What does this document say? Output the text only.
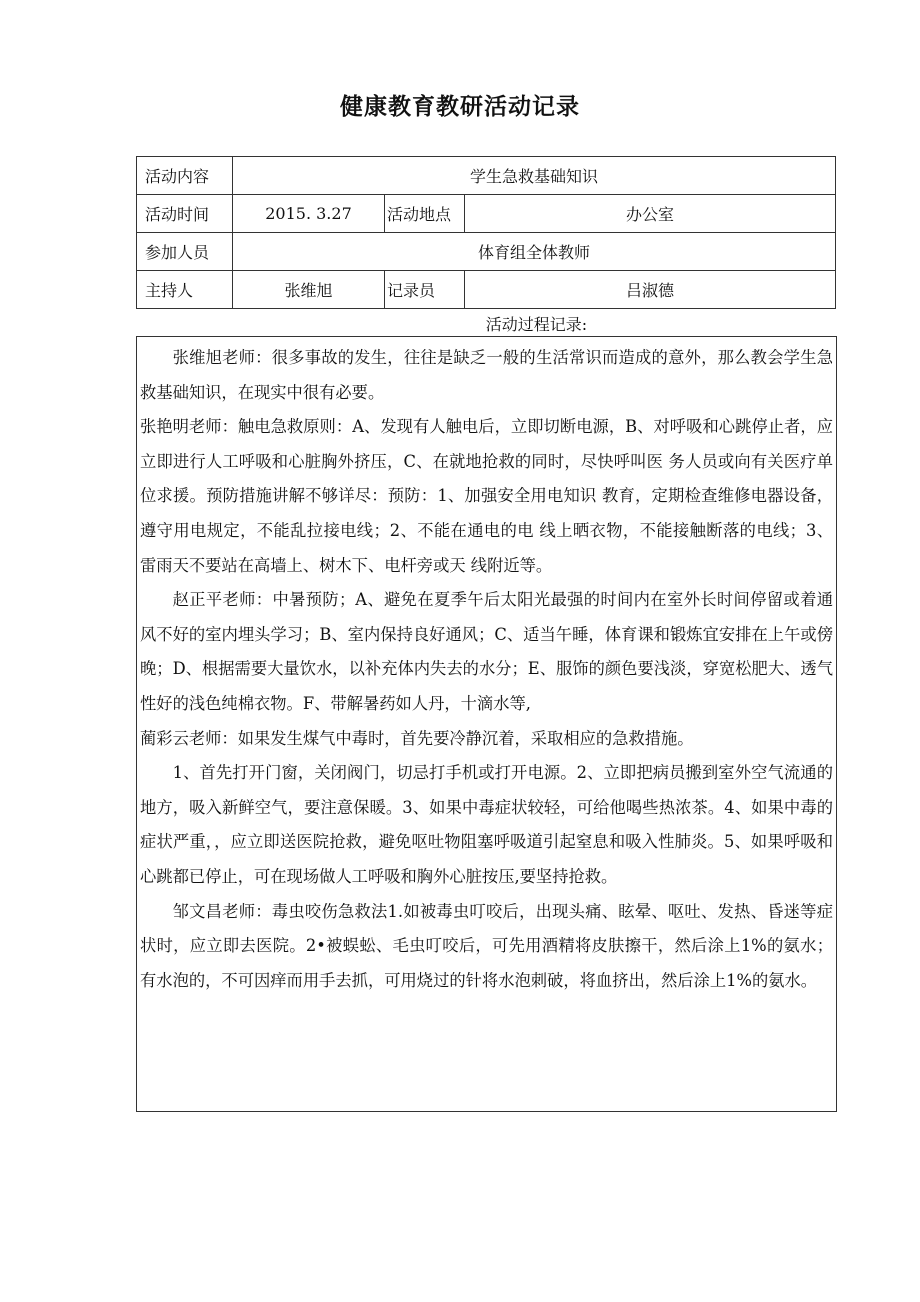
健康教育教研活动记录
活动内容	学生急救基础知识		
活动时间	2015. 3.27	活动地点	办公室
参加人员	体育组全体教师		
主持人	张维旭	记录员	吕淑德
活动过程记录:

张维旭老师：很多事故的发生，往往是缺乏一般的生活常识而造成的意外，那么教会学生急救基础知识，在现实中很有必要。

张艳明老师：触电急救原则：A、发现有人触电后，立即切断电源，B、对呼吸和心跳停止者，应立即进行人工呼吸和心脏胸外挤压，C、在就地抢救的同时，尽快呼叫医 务人员或向有关医疗单位求援。预防措施讲解不够详尽：预防：1、加强安全用电知识 教育，定期检查维修电器设备，遵守用电规定，不能乱拉接电线；2、不能在通电的电 线上晒衣物，不能接触断落的电线；3、雷雨天不要站在高墙上、树木下、电杆旁或天 线附近等。

赵正平老师：中暑预防；A、避免在夏季午后太阳光最强的时间内在室外长时间停留或着通风不好的室内埋头学习；B、室内保持良好通风；C、适当午睡，体育课和锻炼宜安排在上午或傍晚；D、根据需要大量饮水，以补充体内失去的水分；E、服饰的颜色要浅淡，穿宽松肥大、透气性好的浅色纯棉衣物。F、带解暑药如人丹，十滴水等,

蔺彩云老师：如果发生煤气中毒时，首先要冷静沉着，采取相应的急救措施。

1、首先打开门窗，关闭阀门，切忌打手机或打开电源。2、立即把病员搬到室外空气流通的地方，吸入新鲜空气，要注意保暖。3、如果中毒症状较轻，可给他喝些热浓茶。4、如果中毒的症状严重，，应立即送医院抢救，避免呕吐物阻塞呼吸道引起窒息和吸入性肺炎。5、如果呼吸和心跳都已停止，可在现场做人工呼吸和胸外心脏按压,要坚持抢救。

邹文昌老师：毒虫咬伤急救法1.如被毒虫叮咬后，出现头痛、眩晕、呕吐、发热、昏迷等症状时，应立即去医院。2•被蜈蚣、毛虫叮咬后，可先用酒精将皮肤擦干，然后涂上1%的氨水；有水泡的，不可因痒而用手去抓，可用烧过的针将水泡刺破，将血挤出，然后涂上1%的氨水。
